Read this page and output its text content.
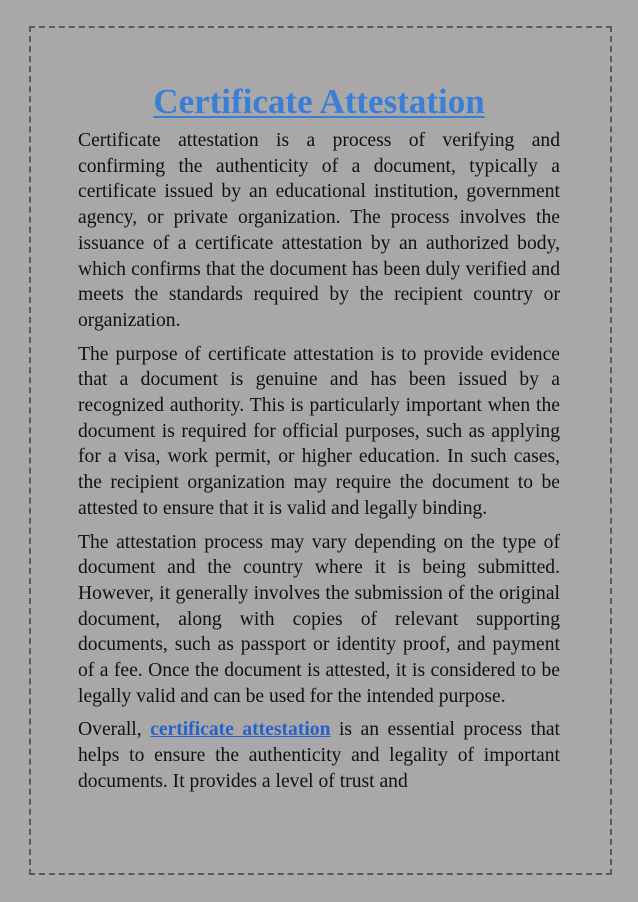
Certificate Attestation

Certificate attestation is a process of verifying and confirming the authenticity of a document, typically a certificate issued by an educational institution, government agency, or private organization. The process involves the issuance of a certificate attestation by an authorized body, which confirms that the document has been duly verified and meets the standards required by the recipient country or organization.

The purpose of certificate attestation is to provide evidence that a document is genuine and has been issued by a recognized authority. This is particularly important when the document is required for official purposes, such as applying for a visa, work permit, or higher education. In such cases, the recipient organization may require the document to be attested to ensure that it is valid and legally binding.

The attestation process may vary depending on the type of document and the country where it is being submitted. However, it generally involves the submission of the original document, along with copies of relevant supporting documents, such as passport or identity proof, and payment of a fee. Once the document is attested, it is considered to be legally valid and can be used for the intended purpose.

Overall, certificate attestation is an essential process that helps to ensure the authenticity and legality of important documents. It provides a level of trust and
